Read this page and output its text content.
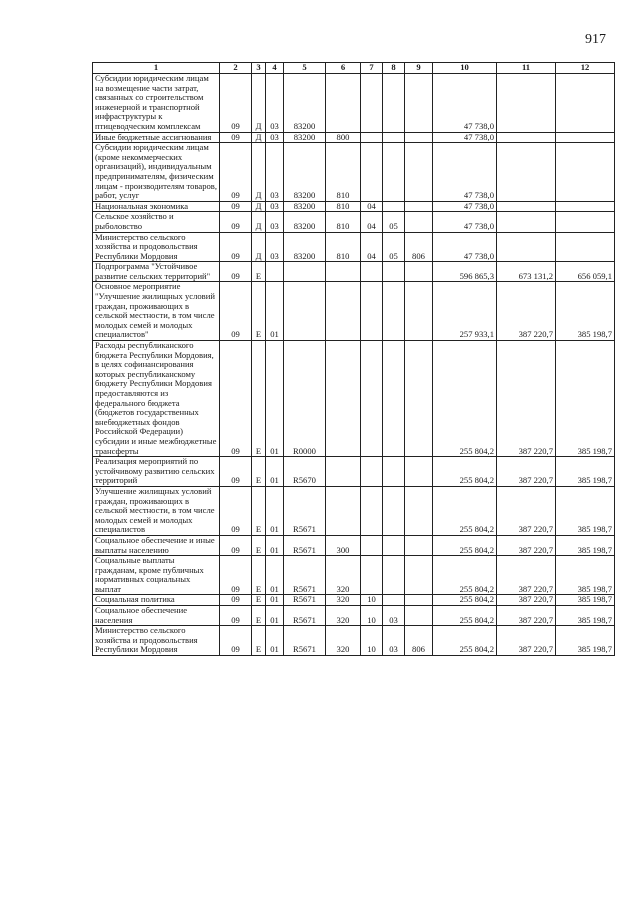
917
1	2	3	4	5	6	7	8	9	10	11	12
Субсидии юридическим лицам на возмещение части затрат, связанных со строительством инженерной и транспортной инфраструктуры к птицеводческим комплексам	09	Д	03	83200					47 738,0		
Иные бюджетные ассигнования	09	Д	03	83200	800				47 738,0		
Субсидии юридическим лицам (кроме некоммерческих организаций), индивидуальным предпринимателям, физическим лицам - производителям товаров, работ, услуг	09	Д	03	83200	810				47 738,0		
Национальная экономика	09	Д	03	83200	810	04			47 738,0		
Сельское хозяйство и рыболовство	09	Д	03	83200	810	04	05		47 738,0		
Министерство сельского хозяйства и продовольствия Республики Мордовия	09	Д	03	83200	810	04	05	806	47 738,0		
Подпрограмма "Устойчивое развитие сельских территорий"	09	Е							596 865,3	673 131,2	656 059,1
Основное мероприятие "Улучшение жилищных условий граждан, проживающих в сельской местности, в том числе молодых семей и молодых специалистов"	09	Е	01						257 933,1	387 220,7	385 198,7
Расходы республиканского бюджета Республики Мордовия, в целях софинансирования которых республиканскому бюджету Республики Мордовия предоставляются из федерального бюджета (бюджетов государственных внебюджетных фондов Российской Федерации) субсидии и иные межбюджетные трансферты	09	Е	01	R0000					255 804,2	387 220,7	385 198,7
Реализация мероприятий по устойчивому развитию сельских территорий	09	Е	01	R5670					255 804,2	387 220,7	385 198,7
Улучшение жилищных условий граждан, проживающих в сельской местности, в том числе молодых семей и молодых специалистов	09	Е	01	R5671					255 804,2	387 220,7	385 198,7
Социальное обеспечение и иные выплаты населению	09	Е	01	R5671	300				255 804,2	387 220,7	385 198,7
Социальные выплаты гражданам, кроме публичных нормативных социальных выплат	09	Е	01	R5671	320				255 804,2	387 220,7	385 198,7
Социальная политика	09	Е	01	R5671	320	10			255 804,2	387 220,7	385 198,7
Социальное обеспечение населения	09	Е	01	R5671	320	10	03		255 804,2	387 220,7	385 198,7
Министерство сельского хозяйства и продовольствия Республики Мордовия	09	Е	01	R5671	320	10	03	806	255 804,2	387 220,7	385 198,7
